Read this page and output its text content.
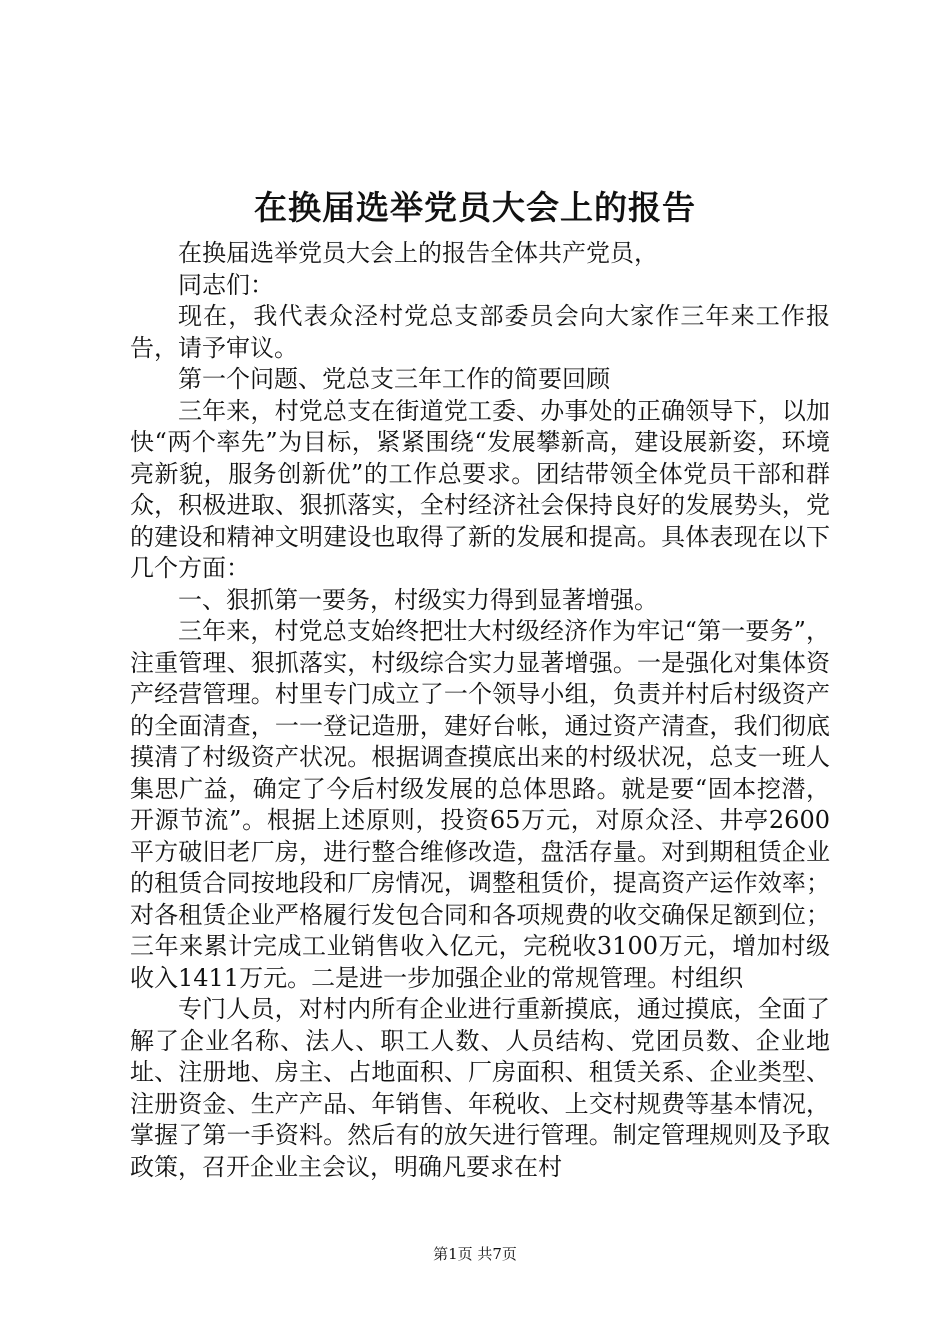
在换届选举党员大会上的报告

在换届选举党员大会上的报告全体共产党员，

同志们：

现在，我代表众泾村党总支部委员会向大家作三年来工作报告，请予审议。

第一个问题、党总支三年工作的简要回顾

三年来，村党总支在街道党工委、办事处的正确领导下，以加快“两个率先”为目标，紧紧围绕“发展攀新高，建设展新姿，环境亮新貌，服务创新优”的工作总要求。团结带领全体党员干部和群众，积极进取、狠抓落实，全村经济社会保持良好的发展势头，党的建设和精神文明建设也取得了新的发展和提高。具体表现在以下几个方面：

一、狠抓第一要务，村级实力得到显著增强。

三年来，村党总支始终把壮大村级经济作为牢记“第一要务”，注重管理、狠抓落实，村级综合实力显著增强。一是强化对集体资产经营管理。村里专门成立了一个领导小组，负责并村后村级资产的全面清查，一一登记造册，建好台帐，通过资产清查，我们彻底摸清了村级资产状况。根据调查摸底出来的村级状况，总支一班人集思广益，确定了今后村级发展的总体思路。就是要“固本挖潜，开源节流”。根据上述原则，投资65万元，对原众泾、井亭2600平方破旧老厂房，进行整合维修改造，盘活存量。对到期租赁企业的租赁合同按地段和厂房情况，调整租赁价，提高资产运作效率；对各租赁企业严格履行发包合同和各项规费的收交确保足额到位；三年来累计完成工业销售收入亿元，完税收3100万元，增加村级收入1411万元。二是进一步加强企业的常规管理。村组织

专门人员，对村内所有企业进行重新摸底，通过摸底，全面了解了企业名称、法人、职工人数、人员结构、党团员数、企业地址、注册地、房主、占地面积、厂房面积、租赁关系、企业类型、注册资金、生产产品、年销售、年税收、上交村规费等基本情况，掌握了第一手资料。然后有的放矢进行管理。制定管理规则及予取政策，召开企业主会议，明确凡要求在村

第1页 共7页
